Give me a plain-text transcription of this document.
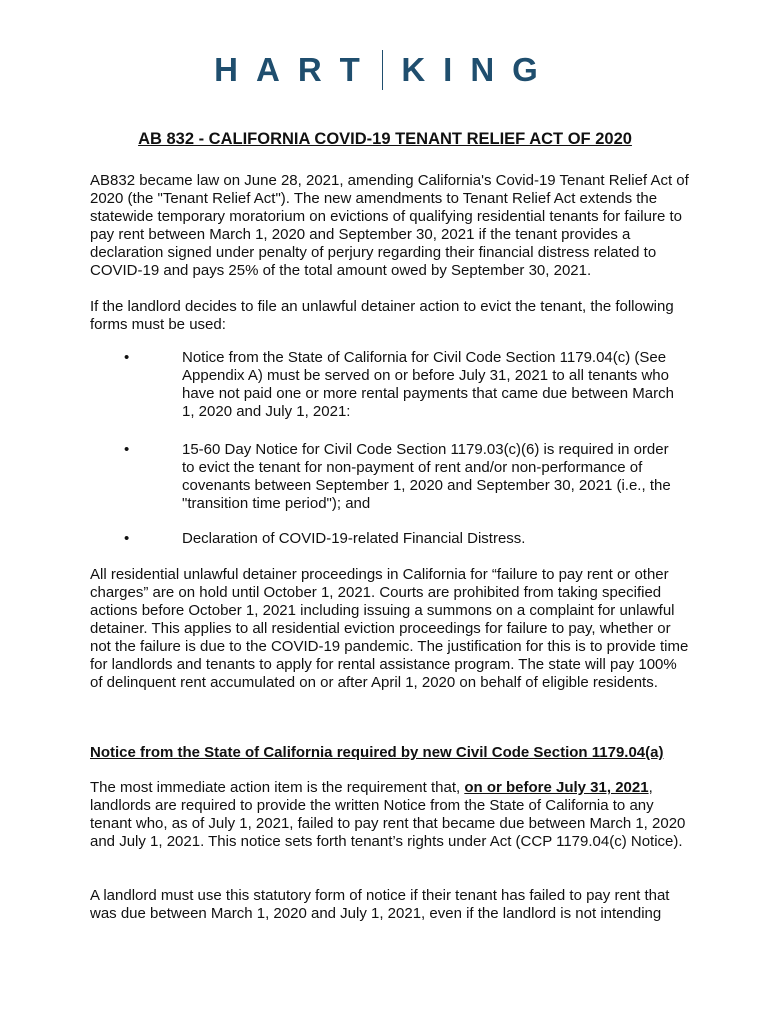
HART KING
AB 832 - CALIFORNIA COVID-19 TENANT RELIEF ACT OF 2020
AB832 became law on June 28, 2021, amending California's Covid-19 Tenant Relief Act of 2020 (the "Tenant Relief Act"). The new amendments to Tenant Relief Act extends the statewide temporary moratorium on evictions of qualifying residential tenants for failure to pay rent between March 1, 2020 and September 30, 2021 if the tenant provides a declaration signed under penalty of perjury regarding their financial distress related to COVID-19 and pays 25% of the total amount owed by September 30, 2021.
If the landlord decides to file an unlawful detainer action to evict the tenant, the following forms must be used:
•	Notice from the State of California for Civil Code Section 1179.04(c) (See Appendix A) must be served on or before July 31, 2021 to all tenants who have not paid one or more rental payments that came due between March 1, 2020 and July 1, 2021:
•	15-60 Day Notice for Civil Code Section 1179.03(c)(6) is required in order to evict the tenant for non-payment of rent and/or non-performance of covenants between September 1, 2020 and September 30, 2021 (i.e., the "transition time period"); and
•	Declaration of COVID-19-related Financial Distress.
All residential unlawful detainer proceedings in California for “failure to pay rent or other charges” are on hold until October 1, 2021. Courts are prohibited from taking specified actions before October 1, 2021 including issuing a summons on a complaint for unlawful detainer. This applies to all residential eviction proceedings for failure to pay, whether or not the failure is due to the COVID-19 pandemic. The justification for this is to provide time for landlords and tenants to apply for rental assistance program. The state will pay 100% of delinquent rent accumulated on or after April 1, 2020 on behalf of eligible residents.
Notice from the State of California required by new Civil Code Section 1179.04(a)
The most immediate action item is the requirement that, on or before July 31, 2021, landlords are required to provide the written Notice from the State of California to any tenant who, as of July 1, 2021, failed to pay rent that became due between March 1, 2020 and July 1, 2021. This notice sets forth tenant’s rights under Act (CCP 1179.04(c) Notice).
A landlord must use this statutory form of notice if their tenant has failed to pay rent that was due between March 1, 2020 and July 1, 2021, even if the landlord is not intending
